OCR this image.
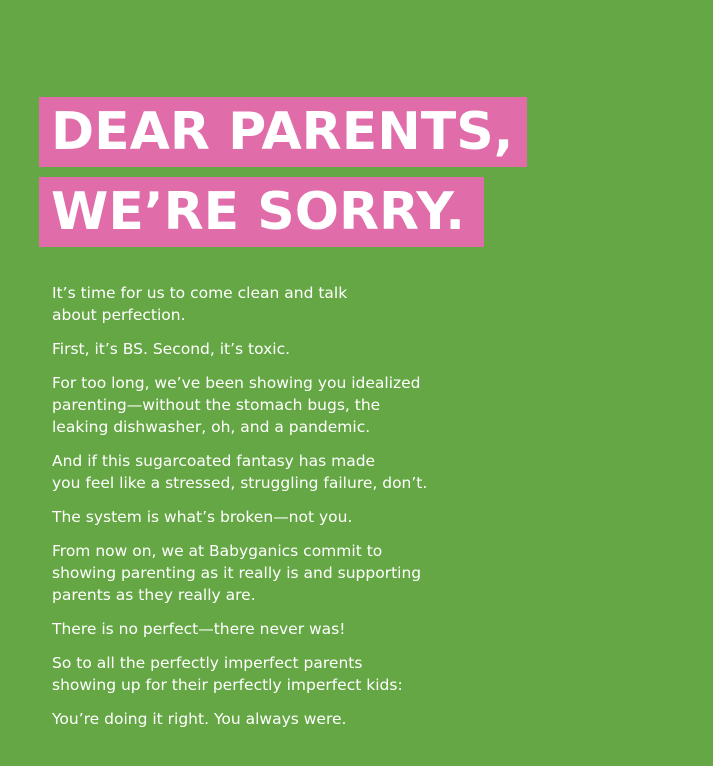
DEAR PARENTS,
WE’RE SORRY.

It’s time for us to come clean and talk
about perfection.

First, it’s BS. Second, it’s toxic.

For too long, we’ve been showing you idealized
parenting—without the stomach bugs, the
leaking dishwasher, oh, and a pandemic.

And if this sugarcoated fantasy has made
you feel like a stressed, struggling failure, don’t.

The system is what’s broken—not you.

From now on, we at Babyganics commit to
showing parenting as it really is and supporting
parents as they really are.

There is no perfect—there never was!

So to all the perfectly imperfect parents
showing up for their perfectly imperfect kids:

You’re doing it right. You always were.
